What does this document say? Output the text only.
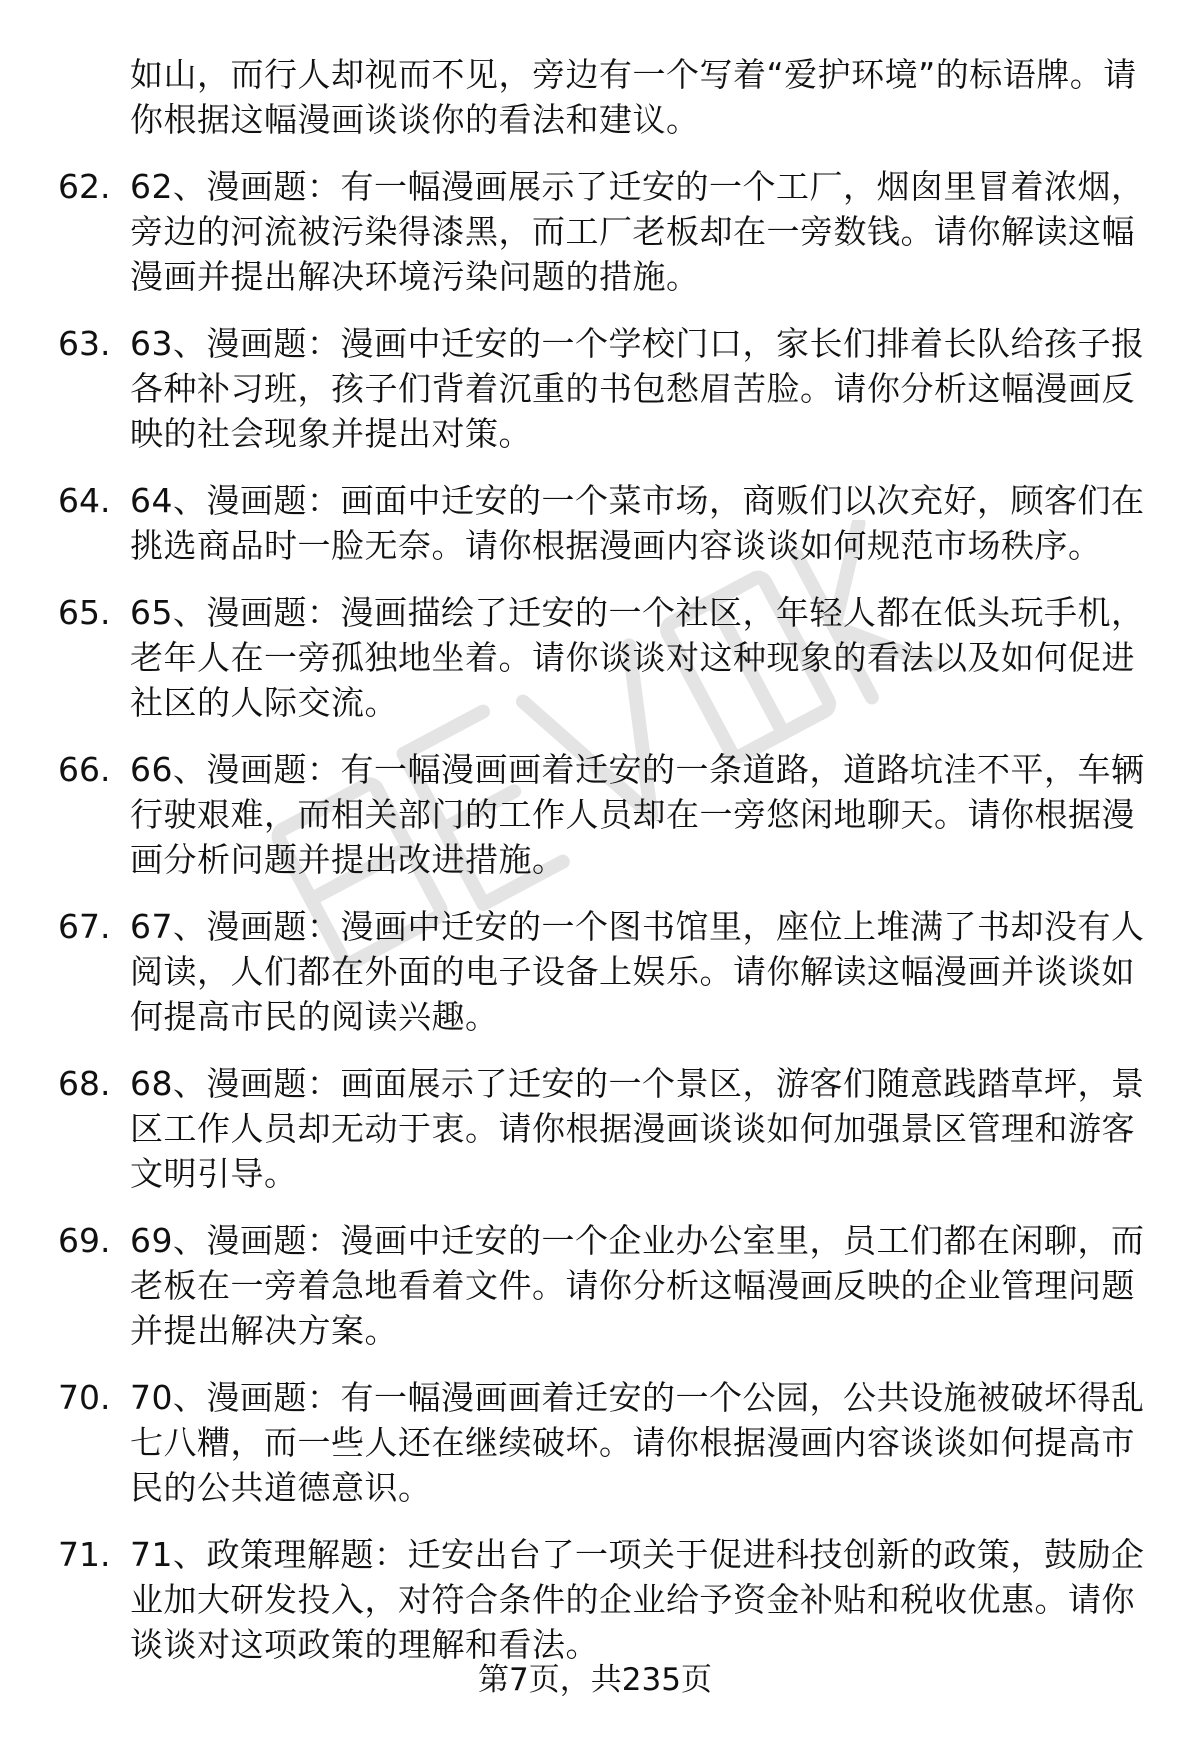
如山，而行人却视而不见，旁边有一个写着“爱护环境”的标语牌。请你根据这幅漫画谈谈你的看法和建议。
62. 62、漫画题：有一幅漫画展示了迁安的一个工厂，烟囱里冒着浓烟，旁边的河流被污染得漆黑，而工厂老板却在一旁数钱。请你解读这幅漫画并提出解决环境污染问题的措施。
63. 63、漫画题：漫画中迁安的一个学校门口，家长们排着长队给孩子报各种补习班，孩子们背着沉重的书包愁眉苦脸。请你分析这幅漫画反映的社会现象并提出对策。
64. 64、漫画题：画面中迁安的一个菜市场，商贩们以次充好，顾客们在挑选商品时一脸无奈。请你根据漫画内容谈谈如何规范市场秩序。
65. 65、漫画题：漫画描绘了迁安的一个社区，年轻人都在低头玩手机，老年人在一旁孤独地坐着。请你谈谈对这种现象的看法以及如何促进社区的人际交流。
66. 66、漫画题：有一幅漫画画着迁安的一条道路，道路坑洼不平，车辆行驶艰难，而相关部门的工作人员却在一旁悠闲地聊天。请你根据漫画分析问题并提出改进措施。
67. 67、漫画题：漫画中迁安的一个图书馆里，座位上堆满了书却没有人阅读，人们都在外面的电子设备上娱乐。请你解读这幅漫画并谈谈如何提高市民的阅读兴趣。
68. 68、漫画题：画面展示了迁安的一个景区，游客们随意践踏草坪，景区工作人员却无动于衷。请你根据漫画谈谈如何加强景区管理和游客文明引导。
69. 69、漫画题：漫画中迁安的一个企业办公室里，员工们都在闲聊，而老板在一旁着急地看着文件。请你分析这幅漫画反映的企业管理问题并提出解决方案。
70. 70、漫画题：有一幅漫画画着迁安的一个公园，公共设施被破坏得乱七八糟，而一些人还在继续破坏。请你根据漫画内容谈谈如何提高市民的公共道德意识。
71. 71、政策理解题：迁安出台了一项关于促进科技创新的政策，鼓励企业加大研发投入，对符合条件的企业给予资金补贴和税收优惠。请你谈谈对这项政策的理解和看法。
第7页，共235页
